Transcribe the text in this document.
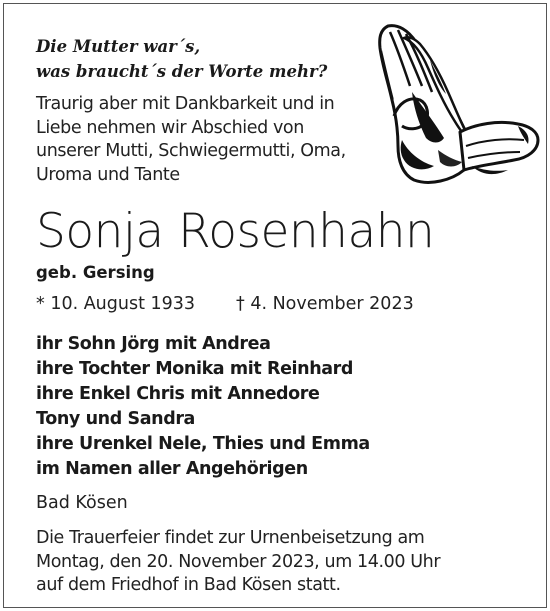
Die Mutter war´s,
was braucht´s der Worte mehr?
Traurig aber mit Dankbarkeit und in
Liebe nehmen wir Abschied von
unserer Mutti, Schwiegermutti, Oma,
Uroma und Tante
Sonja Rosenhahn
geb. Gersing
* 10. August 1933 † 4. November 2023
ihr Sohn Jörg mit Andrea
ihre Tochter Monika mit Reinhard
ihre Enkel Chris mit Annedore
Tony und Sandra
ihre Urenkel Nele, Thies und Emma
im Namen aller Angehörigen
Bad Kösen
Die Trauerfeier findet zur Urnenbeisetzung am
Montag, den 20. November 2023, um 14.00 Uhr
auf dem Friedhof in Bad Kösen statt.
